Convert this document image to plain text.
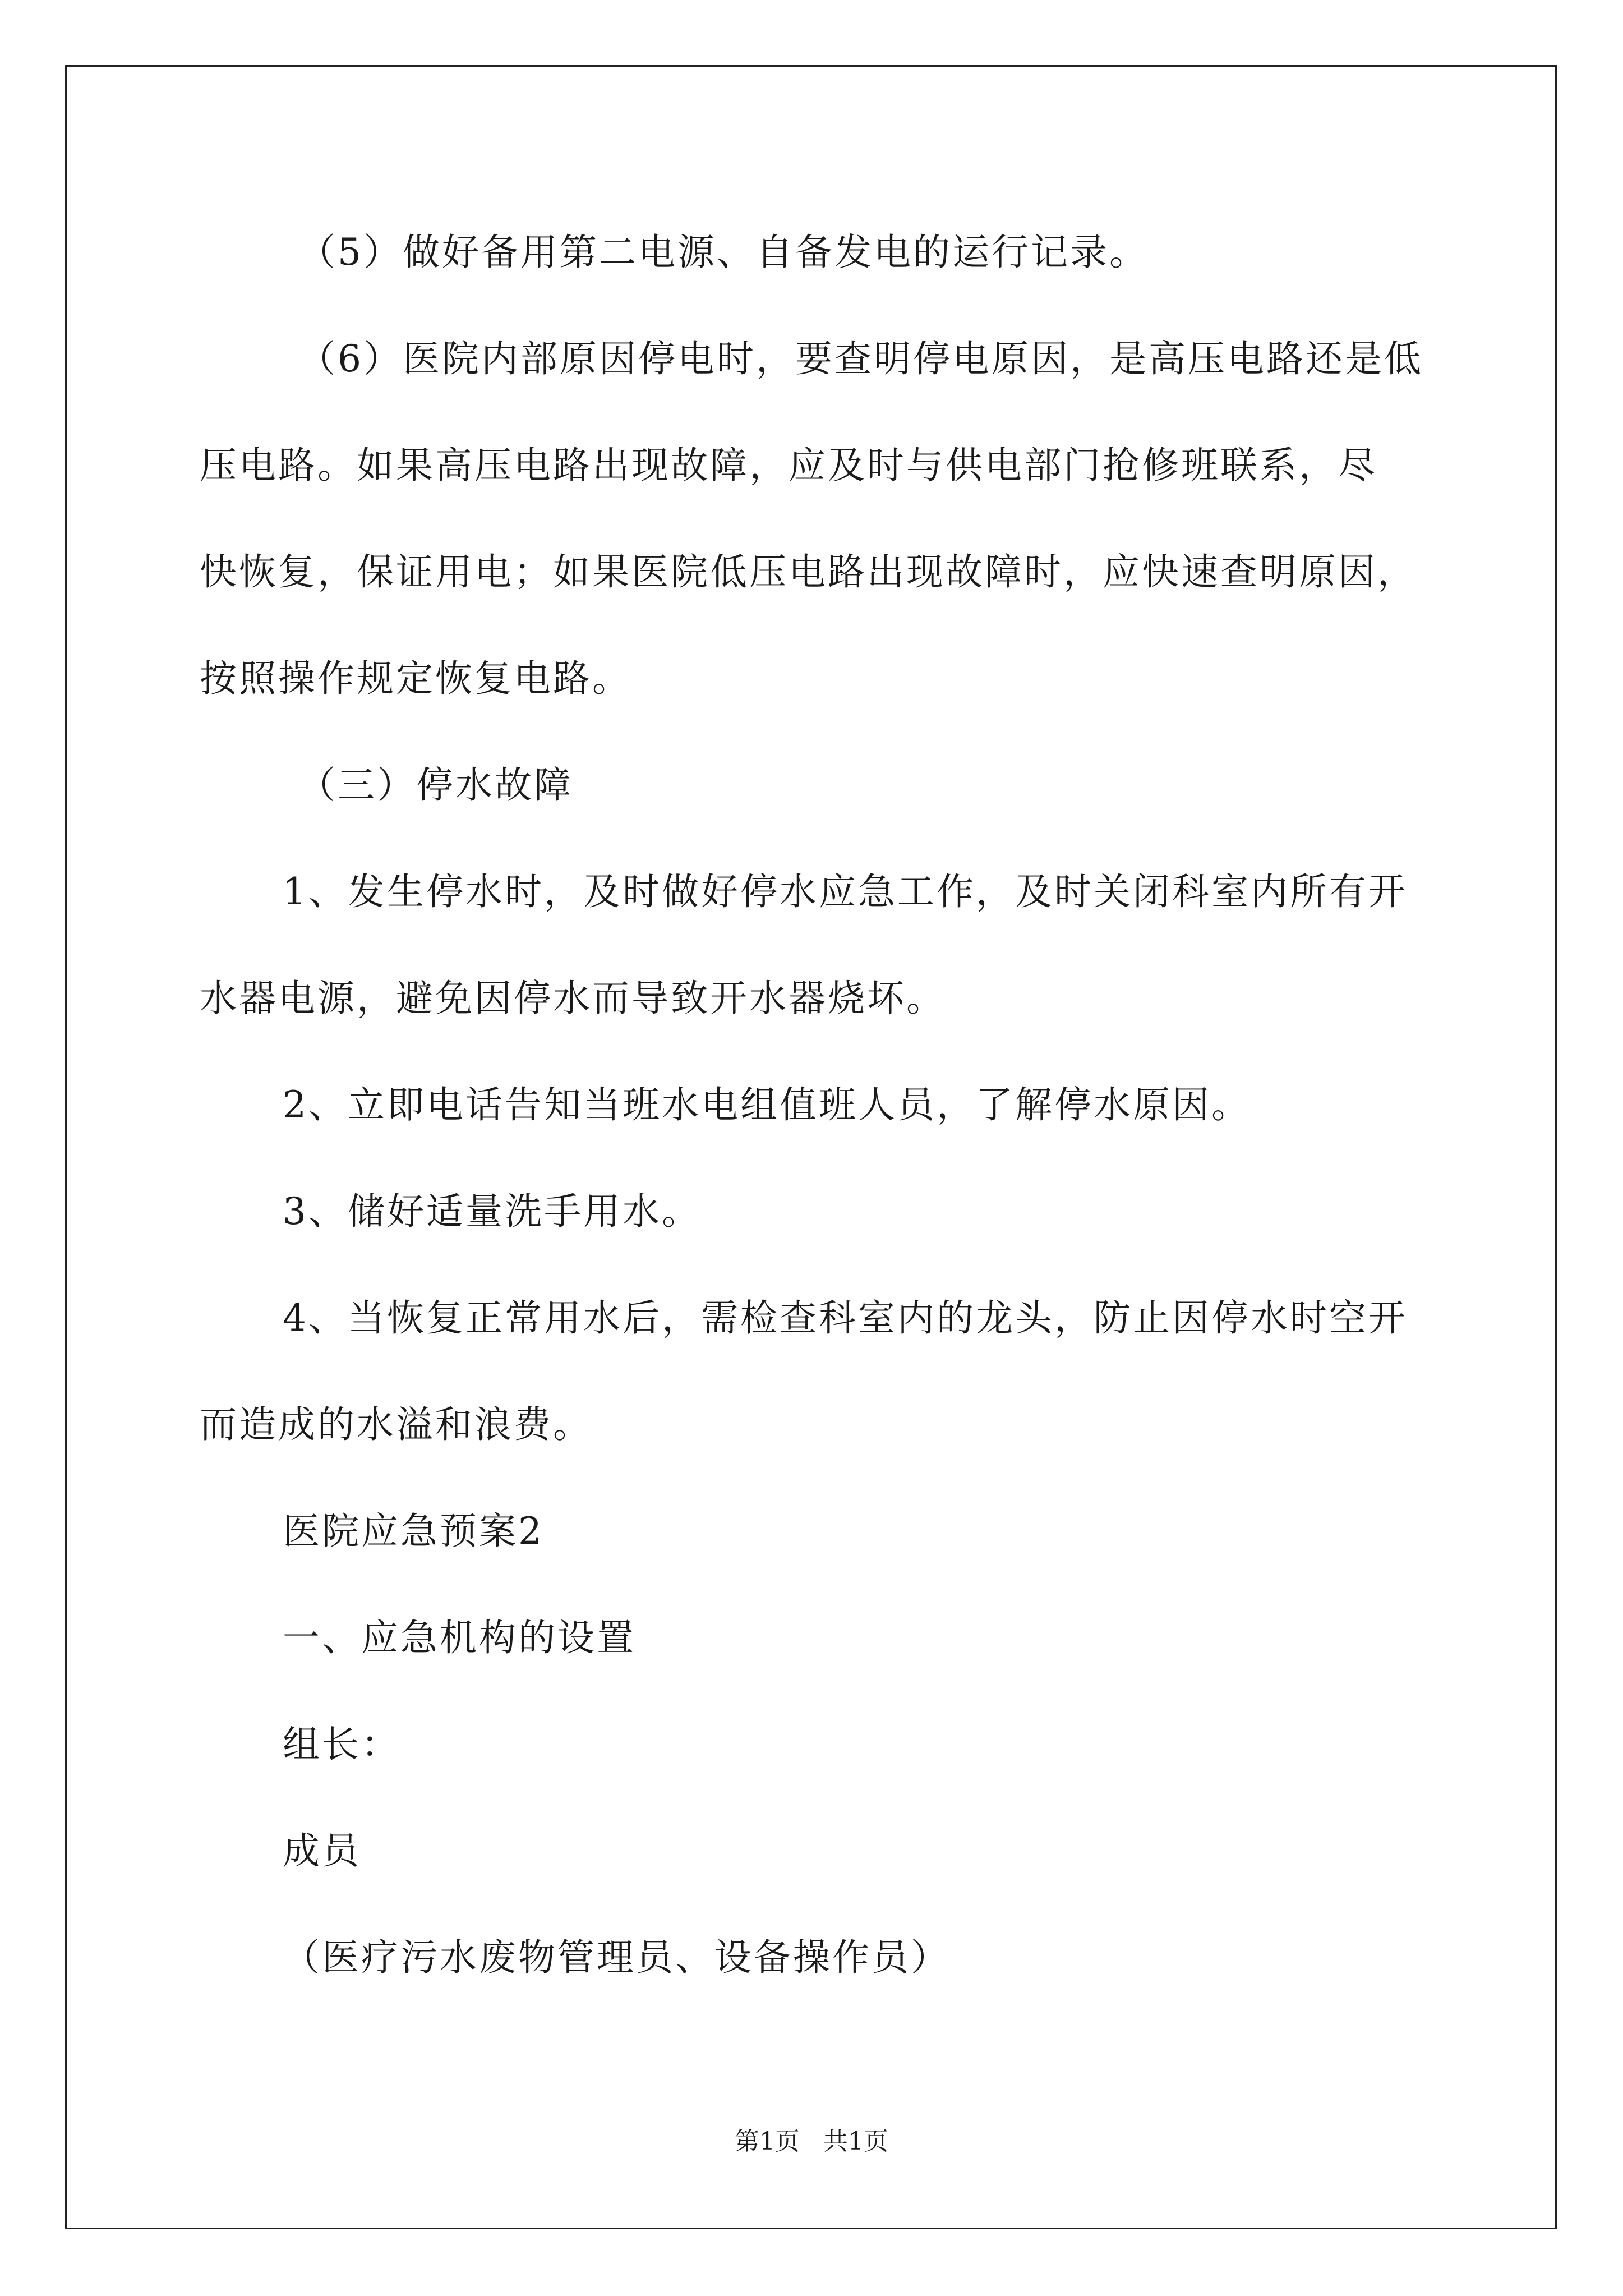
（5）做好备用第二电源、自备发电的运行记录。
（6）医院内部原因停电时，要查明停电原因，是高压电路还是低
压电路。如果高压电路出现故障，应及时与供电部门抢修班联系，尽
快恢复，保证用电；如果医院低压电路出现故障时，应快速查明原因，
按照操作规定恢复电路。
（三）停水故障
1、发生停水时，及时做好停水应急工作，及时关闭科室内所有开
水器电源，避免因停水而导致开水器烧坏。
2、立即电话告知当班水电组值班人员，了解停水原因。
3、储好适量洗手用水。
4、当恢复正常用水后，需检查科室内的龙头，防止因停水时空开
而造成的水溢和浪费。
医院应急预案2
一、应急机构的设置
组长：
成员
（医疗污水废物管理员、设备操作员）
第1页   共1页
